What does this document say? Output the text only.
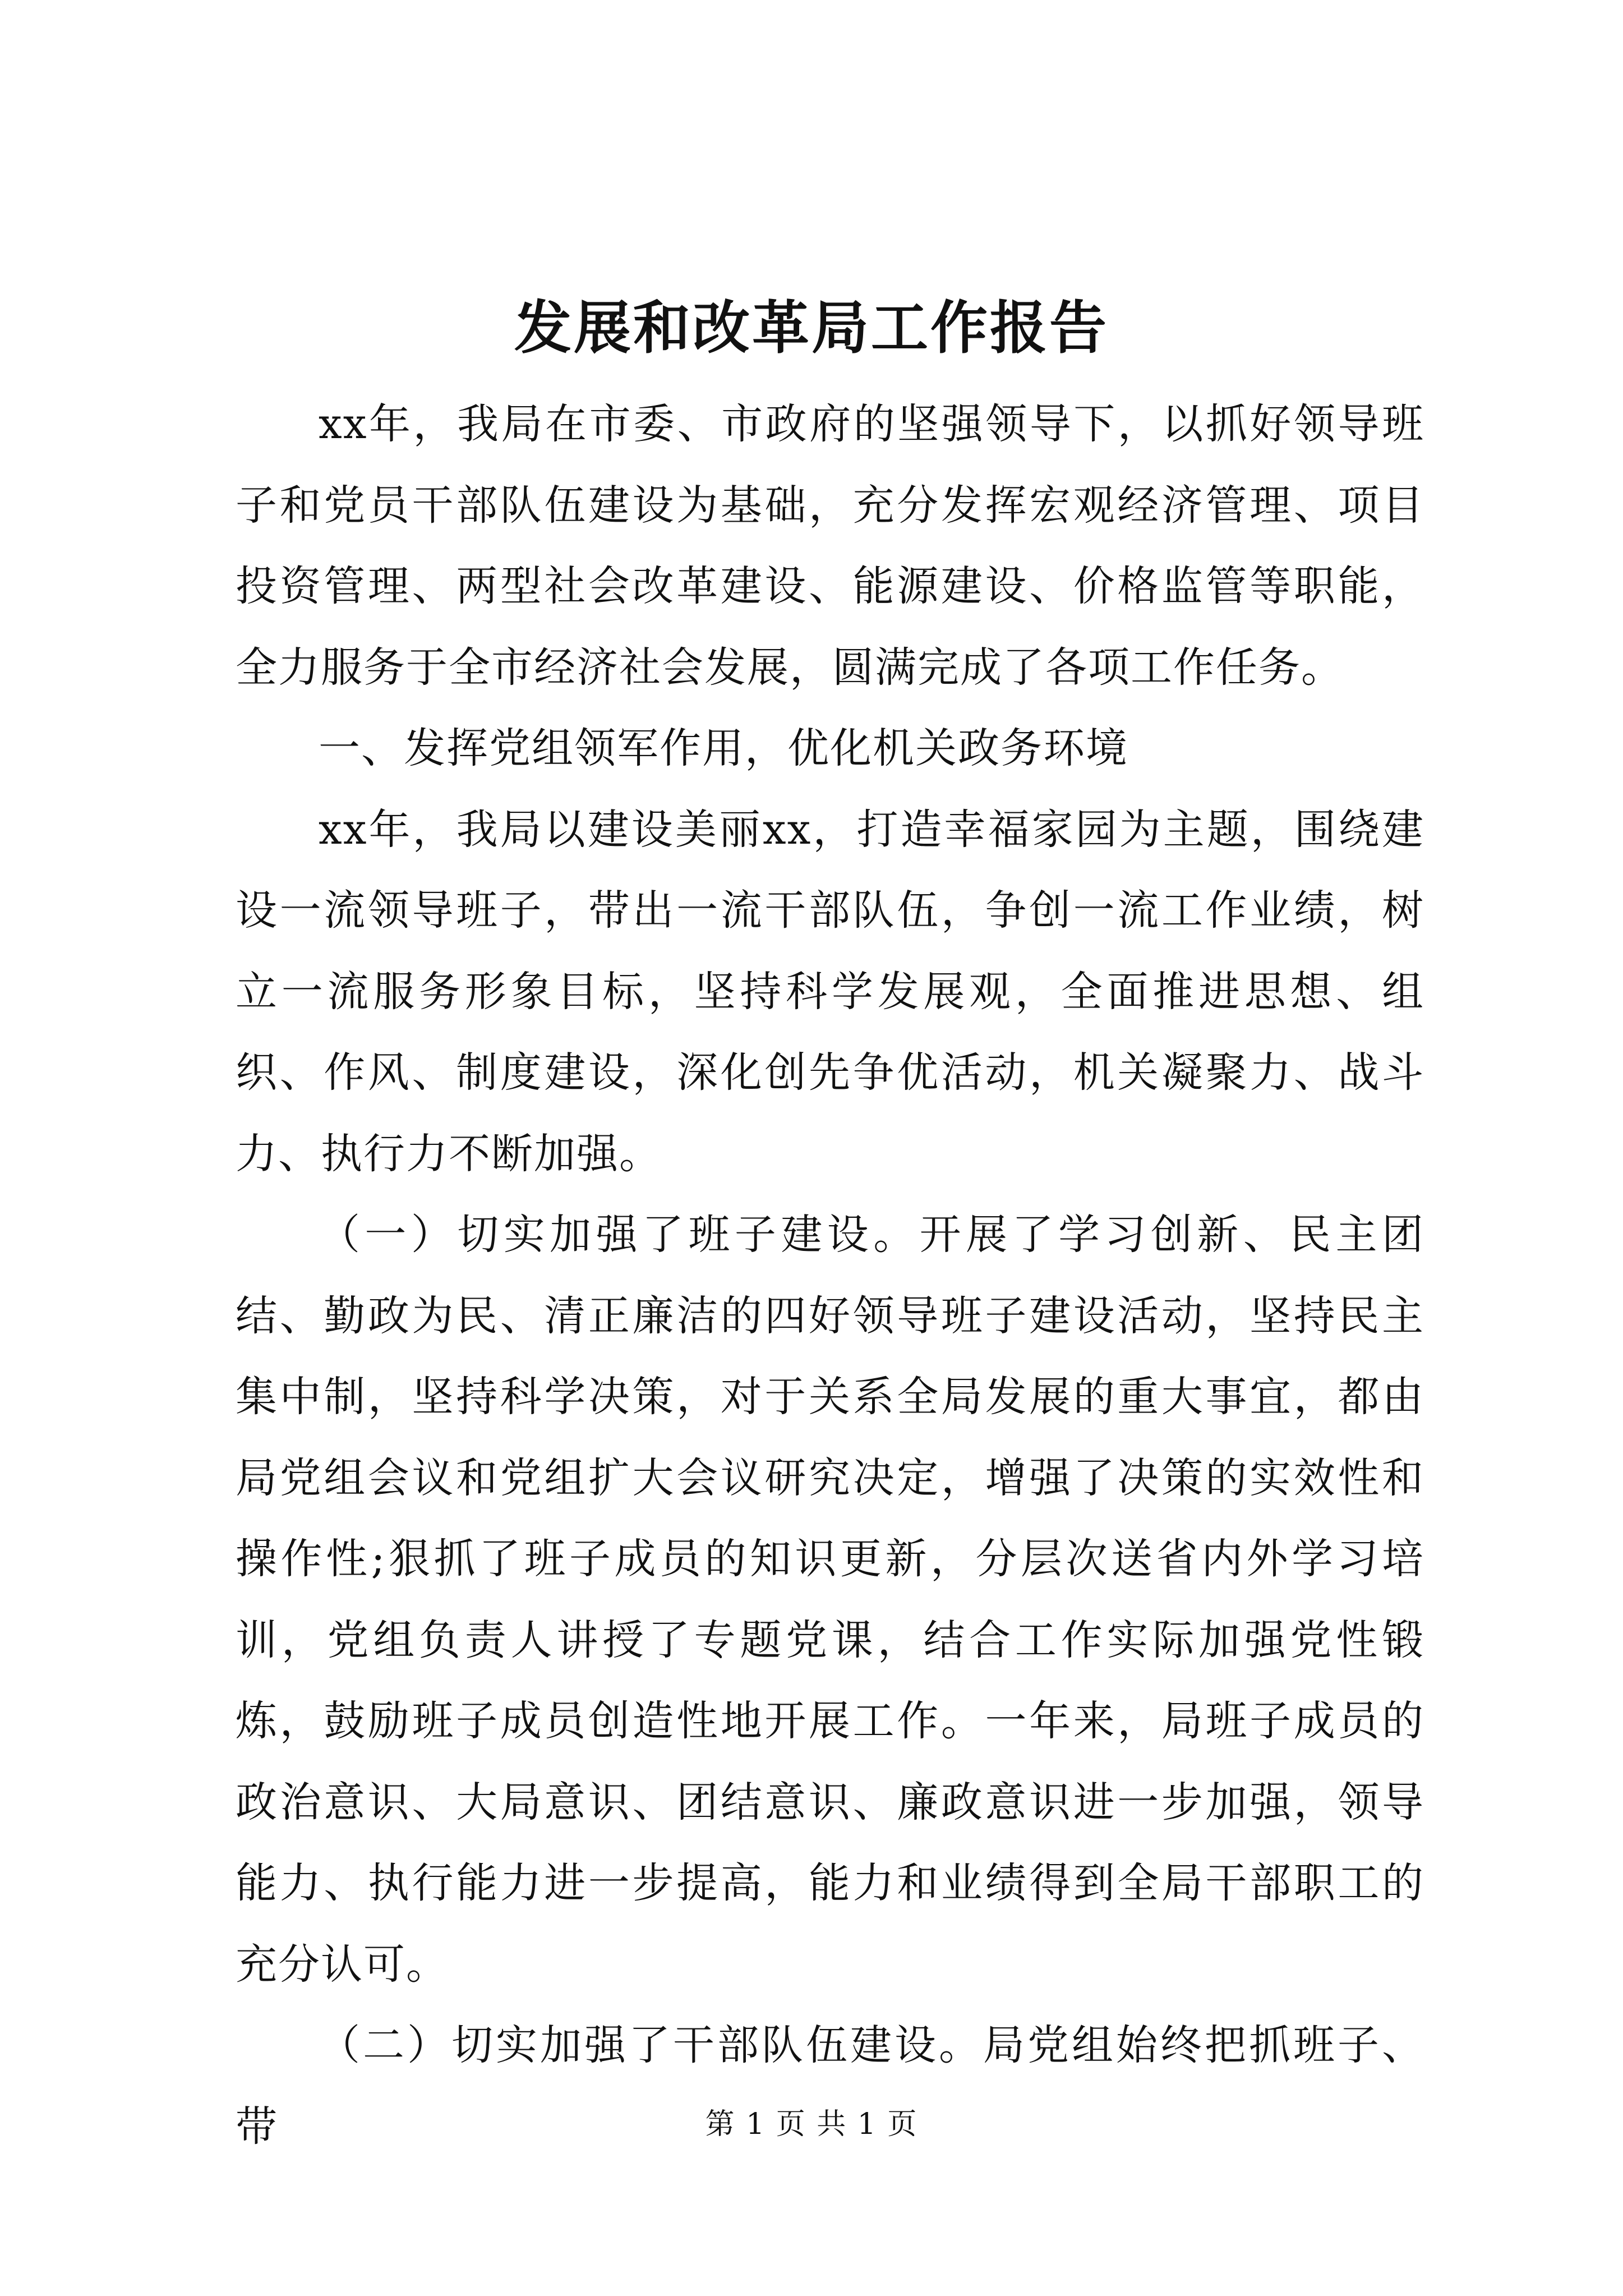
发展和改革局工作报告

xx年，我局在市委、市政府的坚强领导下，以抓好领导班子和党员干部队伍建设为基础，充分发挥宏观经济管理、项目投资管理、两型社会改革建设、能源建设、价格监管等职能，全力服务于全市经济社会发展，圆满完成了各项工作任务。

一、发挥党组领军作用，优化机关政务环境

xx年，我局以建设美丽xx，打造幸福家园为主题，围绕建设一流领导班子，带出一流干部队伍，争创一流工作业绩，树立一流服务形象目标，坚持科学发展观，全面推进思想、组织、作风、制度建设，深化创先争优活动，机关凝聚力、战斗力、执行力不断加强。

（一）切实加强了班子建设。开展了学习创新、民主团结、勤政为民、清正廉洁的四好领导班子建设活动，坚持民主集中制，坚持科学决策，对于关系全局发展的重大事宜，都由局党组会议和党组扩大会议研究决定，增强了决策的实效性和操作性;狠抓了班子成员的知识更新，分层次送省内外学习培训，党组负责人讲授了专题党课，结合工作实际加强党性锻炼，鼓励班子成员创造性地开展工作。一年来，局班子成员的政治意识、大局意识、团结意识、廉政意识进一步加强，领导能力、执行能力进一步提高，能力和业绩得到全局干部职工的充分认可。

（二）切实加强了干部队伍建设。局党组始终把抓班子、带	第 1 页 共 1 页
